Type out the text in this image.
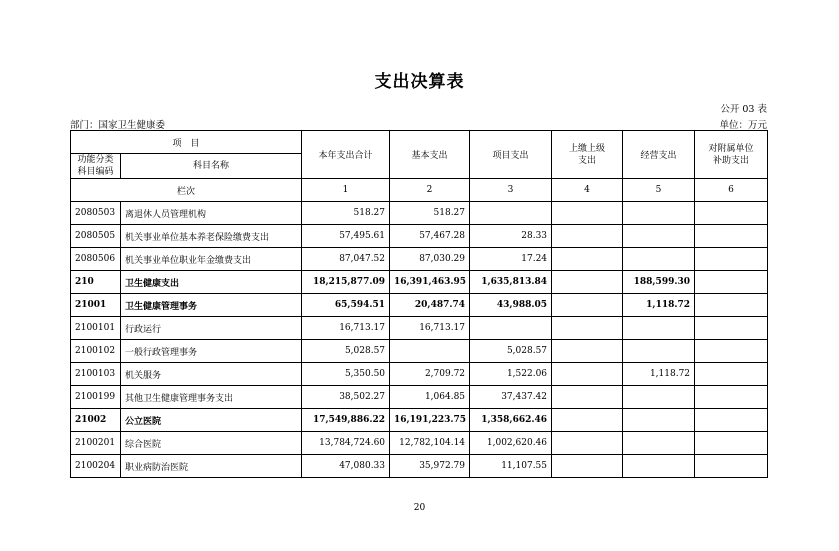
支出决算表
公开 03 表
部门：国家卫生健康委	单位：万元
项　目		本年支出合计	基本支出	项目支出	上缴上级
支出	经营支出	对附属单位
补助支出
功能分类
科目编码	科目名称						
栏次		1	2	3	4	5	6
2080503	离退休人员管理机构	518.27	518.27				
2080505	机关事业单位基本养老保险缴费支出	57,495.61	57,467.28	28.33			
2080506	机关事业单位职业年金缴费支出	87,047.52	87,030.29	17.24			
210	卫生健康支出	18,215,877.09	16,391,463.95	1,635,813.84		188,599.30	
21001	卫生健康管理事务	65,594.51	20,487.74	43,988.05		1,118.72	
2100101	行政运行	16,713.17	16,713.17				
2100102	一般行政管理事务	5,028.57		5,028.57			
2100103	机关服务	5,350.50	2,709.72	1,522.06		1,118.72	
2100199	其他卫生健康管理事务支出	38,502.27	1,064.85	37,437.42			
21002	公立医院	17,549,886.22	16,191,223.75	1,358,662.46			
2100201	综合医院	13,784,724.60	12,782,104.14	1,002,620.46			
2100204	职业病防治医院	47,080.33	35,972.79	11,107.55			
20
